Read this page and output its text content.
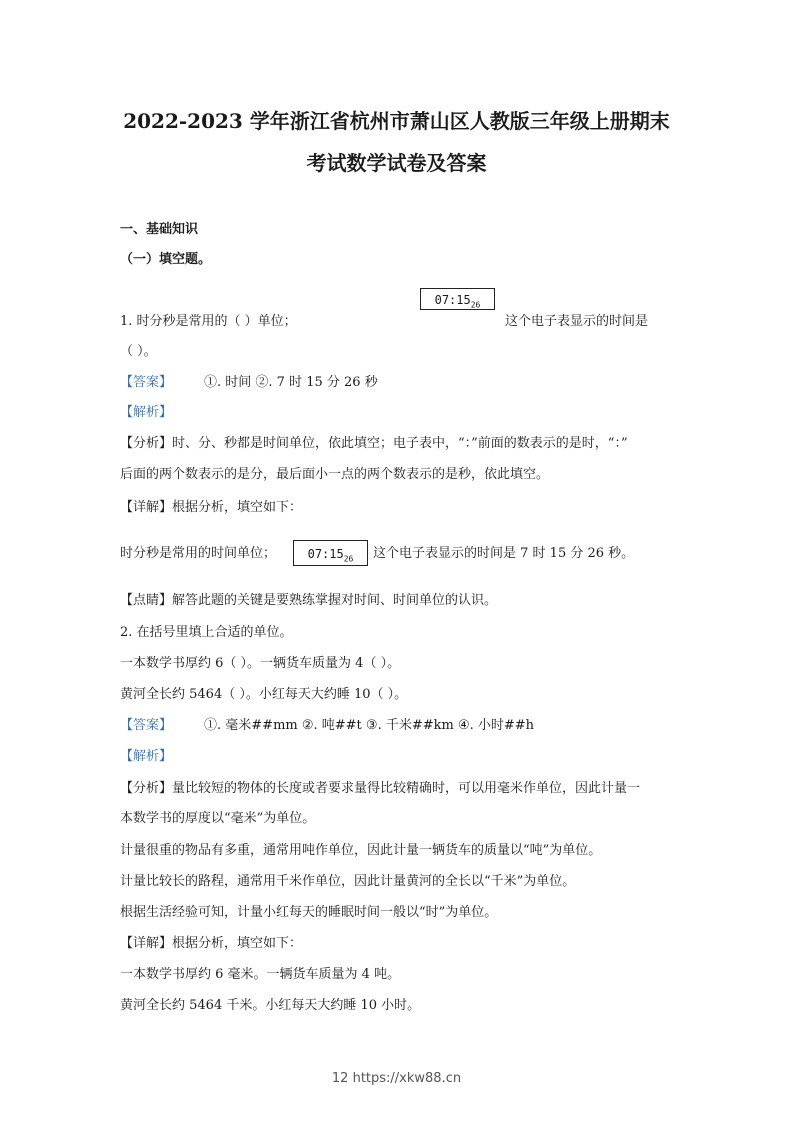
2022-2023 学年浙江省杭州市萧山区人教版三年级上册期末
考试数学试卷及答案
一、基础知识
（一）填空题。
1. 时分秒是常用的（ ）单位；
$07:15_{26}$
这个电子表显示的时间是
（ ）。
【答案】 ①. 时间 ②. 7 时 15 分 26 秒
【解析】
【分析】时、分、秒都是时间单位，依此填空；电子表中，“：”前面的数表示的是时，“：”
后面的两个数表示的是分，最后面小一点的两个数表示的是秒，依此填空。
【详解】根据分析，填空如下：
时分秒是常用的时间单位；	$07:15_{26}$	这个电子表显示的时间是 7 时 15 分 26 秒。
【点睛】解答此题的关键是要熟练掌握对时间、时间单位的认识。
2. 在括号里填上合适的单位。
一本数学书厚约 6（ ）。一辆货车质量为 4（ ）。
黄河全长约 5464（ ）。小红每天大约睡 10（ ）。
【答案】 ①. 毫米##mm ②. 吨##t ③. 千米##km ④. 小时##h
【解析】
【分析】量比较短的物体的长度或者要求量得比较精确时，可以用毫米作单位，因此计量一
本数学书的厚度以“毫米”为单位。
计量很重的物品有多重，通常用吨作单位，因此计量一辆货车的质量以“吨”为单位。
计量比较长的路程，通常用千米作单位，因此计量黄河的全长以“千米”为单位。
根据生活经验可知，计量小红每天的睡眠时间一般以“时”为单位。
【详解】根据分析，填空如下：
一本数学书厚约 6 毫米。一辆货车质量为 4 吨。
黄河全长约 5464 千米。小红每天大约睡 10 小时。
12 https://xkw88.cn
